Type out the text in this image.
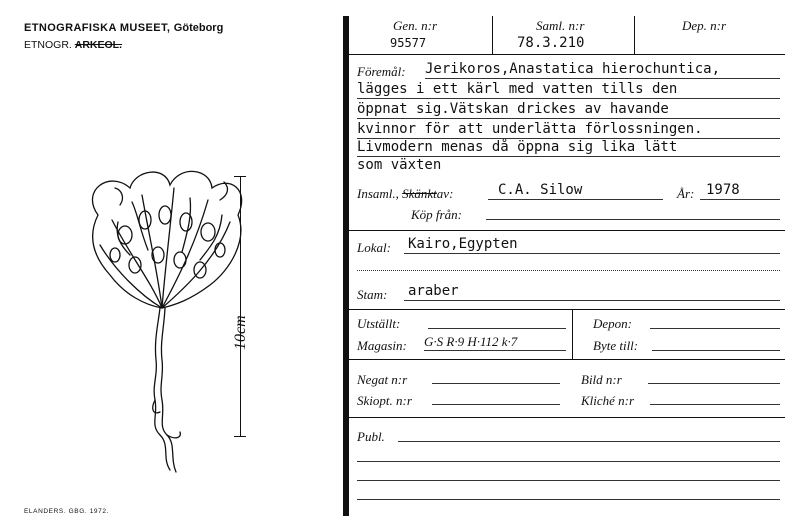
ETNOGRAFISKA MUSEET, Göteborg
ETNOGR. ARKEOL.
10cm
ELANDERS. GBG. 1972.
Gen. n:r
95577
Saml. n:r
78.3.210
Dep. n:r
Föremål: Jerikoros,Anastatica hierochuntica,
lägges i ett kärl med vatten tills den
öppnat sig.Vätskan drickes av havande
kvinnor för att underlätta förlossningen.
Livmodern menas då öppna sig lika lätt
som växten
Insaml., Skänktav:	C.A. Silow	År: 1978
Köp från:
Lokal: Kairo,Egypten
Stam: araber
Utställt:
Magasin: G·S R·9 H·112 k·7
Depon:
Byte till:
Negat n:r	Bild n:r
Skiopt. n:r	Kliché n:r
Publ.
